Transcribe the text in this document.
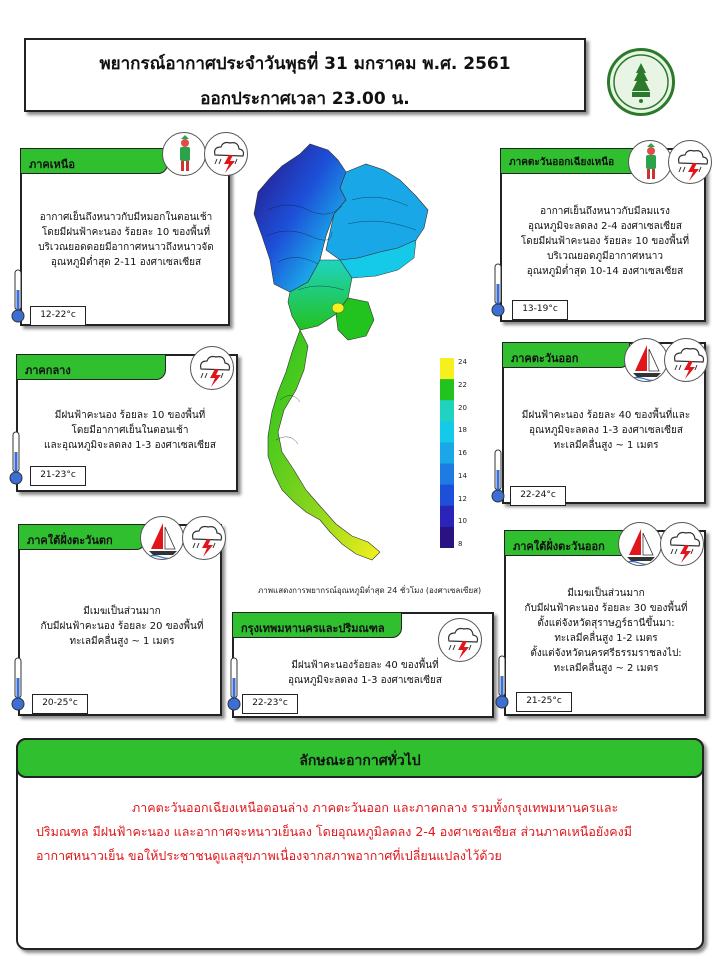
พยากรณ์อากาศประจำวันพุธที่ 31 มกราคม พ.ศ. 2561
ออกประกาศเวลา 23.00 น.
24
22
20
18
16
14
12
10
8
ภาพแสดงการพยากรณ์อุณหภูมิต่ำสุด 24 ชั่วโมง (องศาเซลเซียส)
ภาคเหนือ
อากาศเย็นถึงหนาวกับมีหมอกในตอนเช้า
โดยมีฝนฟ้าคะนอง ร้อยละ 10 ของพื้นที่
บริเวณยอดดอยมีอากาศหนาวถึงหนาวจัด
อุณหภูมิต่ำสุด 2-11 องศาเซลเซียส
12-22°c
ภาคตะวันออกเฉียงเหนือ
อากาศเย็นถึงหนาวกับมีลมแรง
อุณหภูมิจะลดลง 2-4 องศาเซลเซียส
โดยมีฝนฟ้าคะนอง ร้อยละ 10 ของพื้นที่
บริเวณยอดภูมีอากาศหนาว
อุณหภูมิต่ำสุด 10-14 องศาเซลเซียส
13-19°c
ภาคกลาง
มีฝนฟ้าคะนอง ร้อยละ 10 ของพื้นที่
โดยมีอากาศเย็นในตอนเช้า
และอุณหภูมิจะลดลง 1-3 องศาเซลเซียส
21-23°c
ภาคตะวันออก
มีฝนฟ้าคะนอง ร้อยละ 40 ของพื้นที่และ
อุณหภูมิจะลดลง 1-3 องศาเซลเซียส
ทะเลมีคลื่นสูง ~ 1 เมตร
22-24°c
ภาคใต้ฝั่งตะวันตก
มีเมฆเป็นส่วนมาก
กับมีฝนฟ้าคะนอง ร้อยละ 20 ของพื้นที่
ทะเลมีคลื่นสูง ~ 1 เมตร
20-25°c
กรุงเทพมหานครและปริมณฑล
มีฝนฟ้าคะนองร้อยละ 40 ของพื้นที่
อุณหภูมิจะลดลง 1-3 องศาเซลเซียส
22-23°c
ภาคใต้ฝั่งตะวันออก
มีเมฆเป็นส่วนมาก
กับมีฝนฟ้าคะนอง ร้อยละ 30 ของพื้นที่
ตั้งแต่จังหวัดสุราษฎร์ธานีขึ้นมา:
ทะเลมีคลื่นสูง 1-2 เมตร
ตั้งแต่จังหวัดนครศรีธรรมราชลงไป:
ทะเลมีคลื่นสูง ~ 2 เมตร
21-25°c
ลักษณะอากาศทั่วไป
ภาคตะวันออกเฉียงเหนือตอนล่าง ภาคตะวันออก และภาคกลาง รวมทั้งกรุงเทพมหานครและ
ปริมณฑล มีฝนฟ้าคะนอง และอากาศจะหนาวเย็นลง โดยอุณหภูมิลดลง 2-4 องศาเซลเซียส ส่วนภาคเหนือยังคงมี
อากาศหนาวเย็น ขอให้ประชาชนดูแลสุขภาพเนื่องจากสภาพอากาศที่เปลี่ยนแปลงไว้ด้วย
